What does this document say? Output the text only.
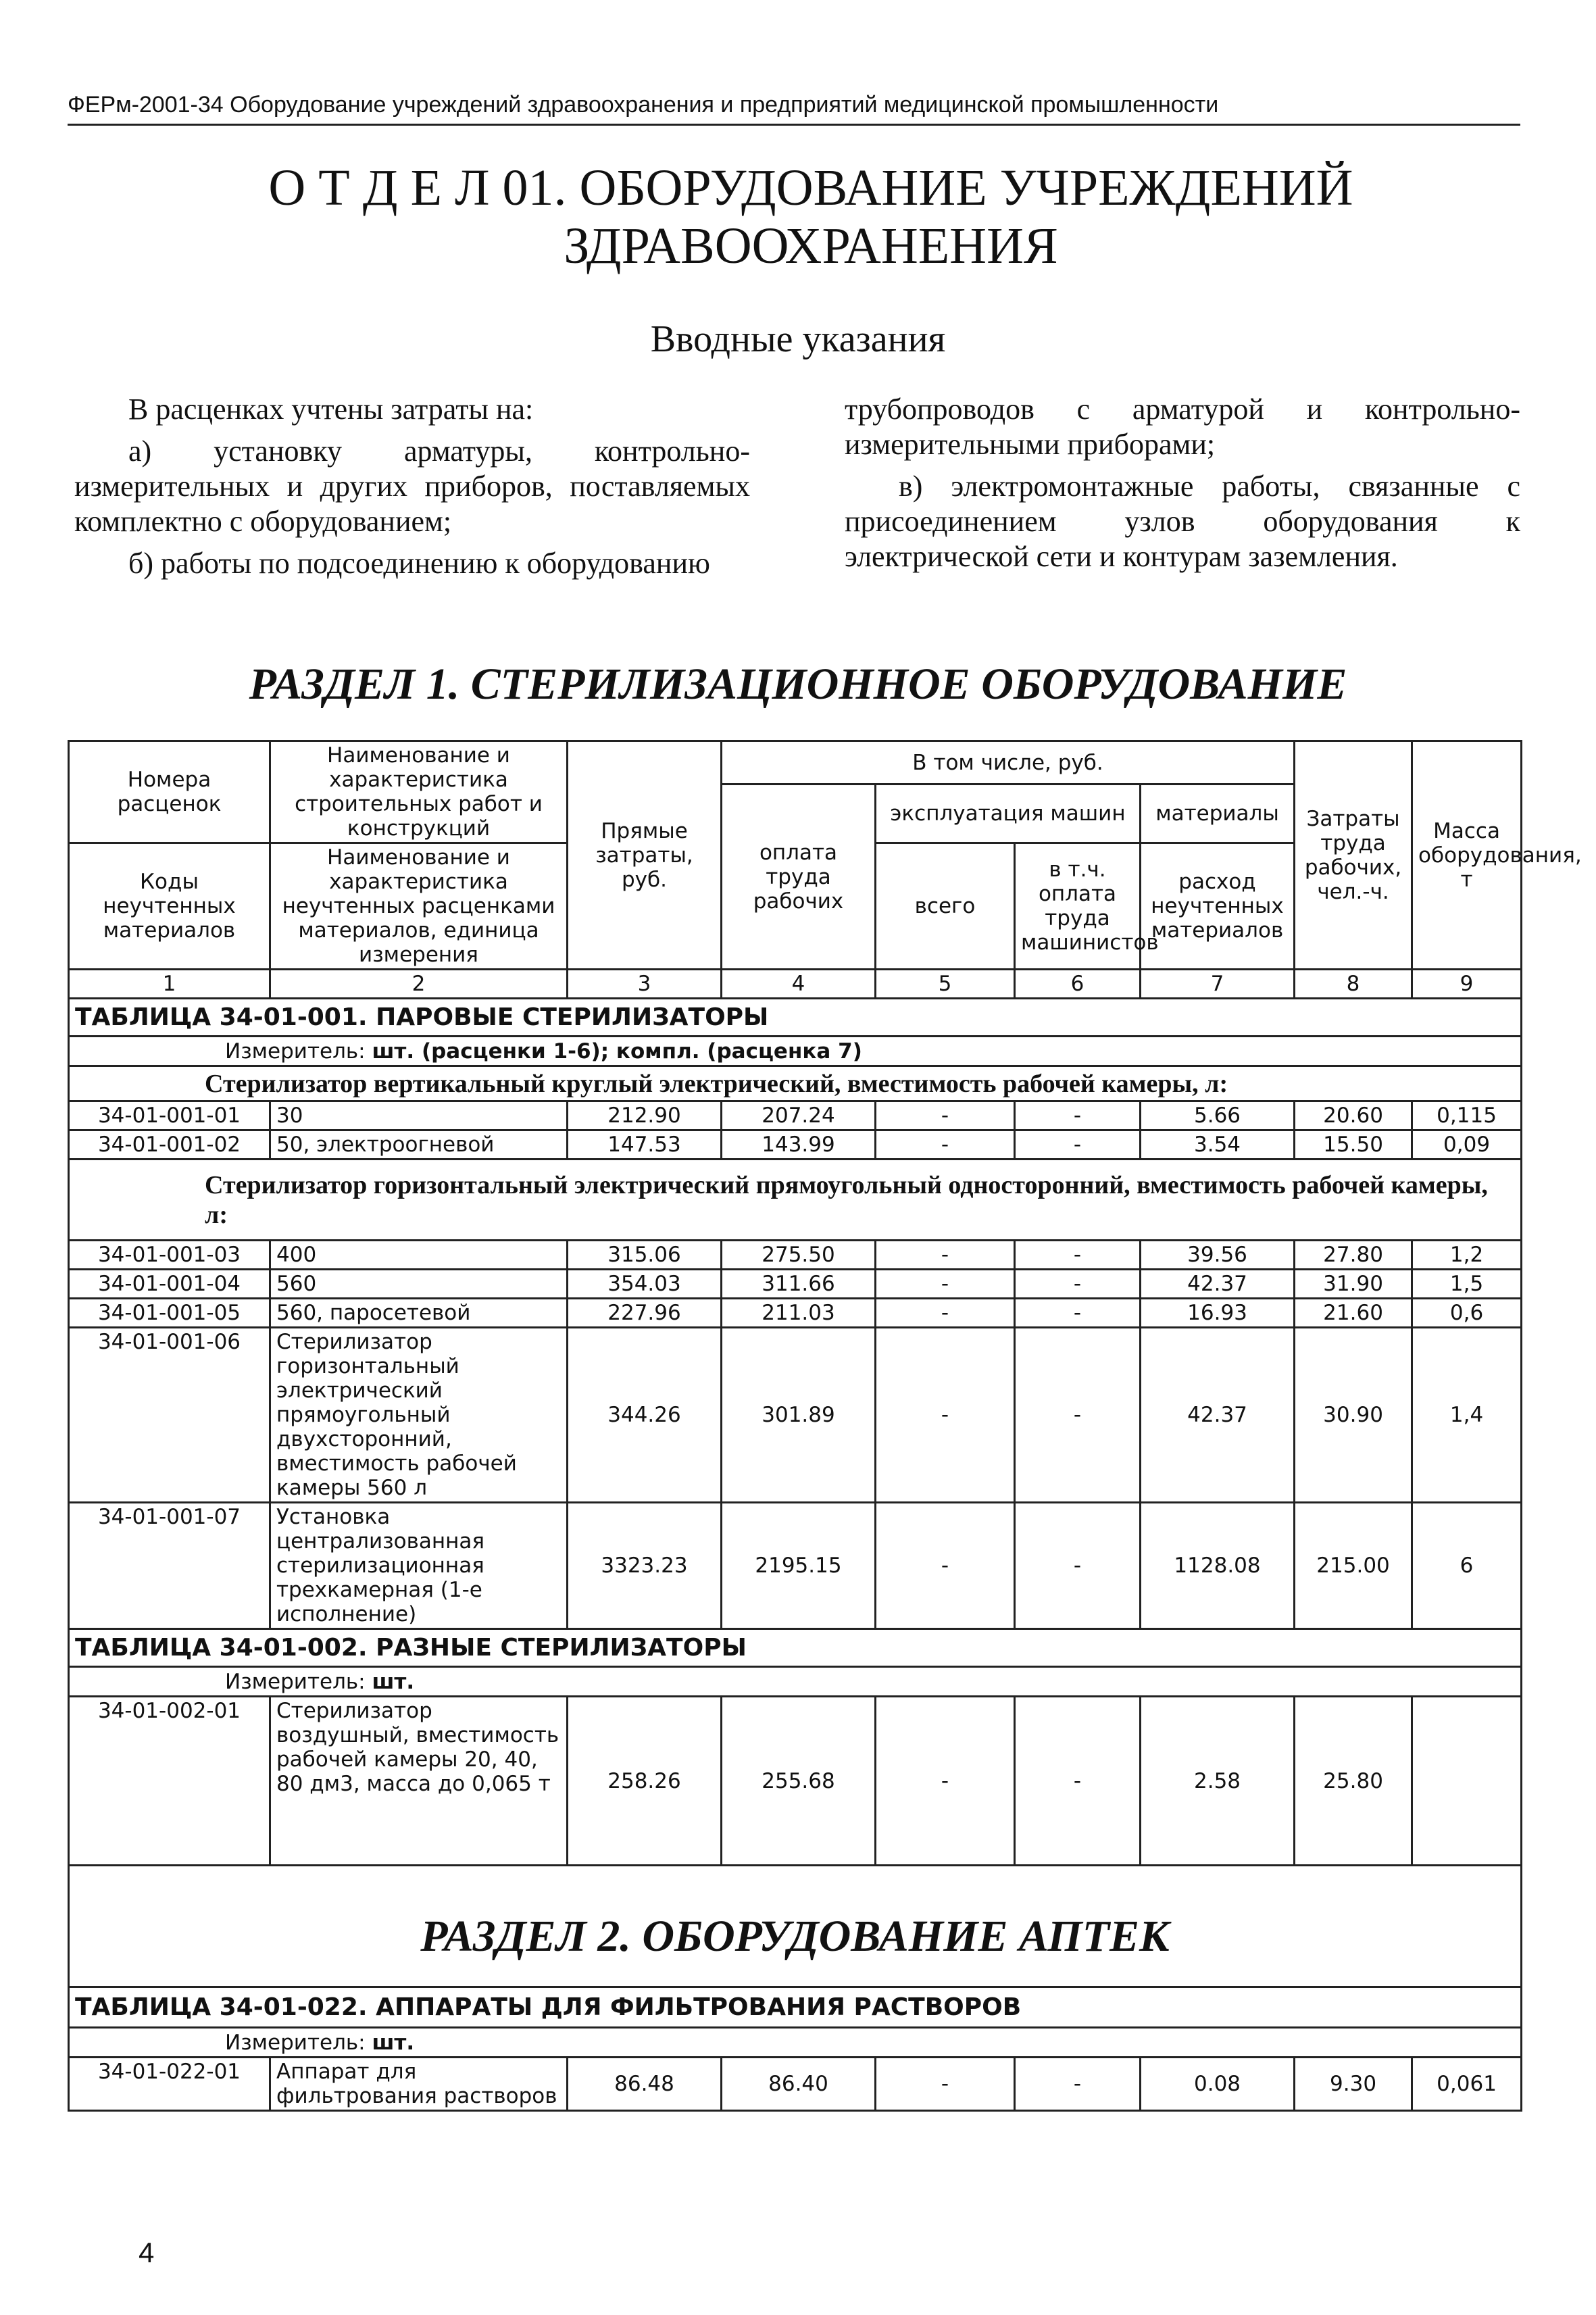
ФЕРм-2001-34 Оборудование учреждений здравоохранения и предприятий медицинской промышленности
О Т Д Е Л 01. ОБОРУДОВАНИЕ УЧРЕЖДЕНИЙ ЗДРАВООХРАНЕНИЯ
Вводные указания

В расценках учтены затраты на:

а) установку арматуры, контрольно-измерительных и других приборов, поставляемых комплектно с оборудованием;

б) работы по подсоединению к оборудованию

трубопроводов с арматурой и контрольно-измерительными приборами;

в) электромонтажные работы, связанные с присоединением узлов оборудования к электрической сети и контурам заземления.

РАЗДЕЛ 1. СТЕРИЛИЗАЦИОННОЕ ОБОРУДОВАНИЕ
Номера расценок	Наименование и характеристика строительных работ и конструкций	Прямые затраты, руб.	В том числе, руб.				Затраты труда рабочих, чел.-ч.	Масса оборудования, т

			оплата труда рабочих	эксплуатация машин		материалы		
Коды неучтенных материалов	Наименование и характеристика неучтенных расценками материалов, единица измерения			всего	в т.ч. оплата труда машинистов	расход неучтенных материалов		

1	2	3	4	5	6	7	8	9
ТАБЛИЦА 34-01-001. ПАРОВЫЕ СТЕРИЛИЗАТОРЫ								
Измеритель: шт. (расценки 1-6); компл. (расценка 7)								
Стерилизатор вертикальный круглый электрический, вместимость рабочей камеры, л:								
34-01-001-01	30	212.90	207.24	-	-	5.66	20.60	0,115
34-01-001-02	50, электроогневой	147.53	143.99	-	-	3.54	15.50	0,09
Стерилизатор горизонтальный электрический прямоугольный односторонний, вместимость рабочей камеры, л:								
34-01-001-03	400	315.06	275.50	-	-	39.56	27.80	1,2
34-01-001-04	560	354.03	311.66	-	-	42.37	31.90	1,5
34-01-001-05	560, паросетевой	227.96	211.03	-	-	16.93	21.60	0,6
34-01-001-06	Стерилизатор горизонтальный электрический прямоугольный двухсторонний, вместимость рабочей камеры 560 л	344.26	301.89	-	-	42.37	30.90	1,4
34-01-001-07	Установка централизованная стерилизационная трехкамерная (1-е исполнение)	3323.23	2195.15	-	-	1128.08	215.00	6
ТАБЛИЦА 34-01-002. РАЗНЫЕ СТЕРИЛИЗАТОРЫ								
Измеритель: шт.								
34-01-002-01	Стерилизатор воздушный, вместимость рабочей камеры 20, 40, 80 дм3, масса до 0,065 т	258.26	255.68	-	-	2.58	25.80	
РАЗДЕЛ 2. ОБОРУДОВАНИЕ АПТЕК								
ТАБЛИЦА 34-01-022. АППАРАТЫ ДЛЯ ФИЛЬТРОВАНИЯ РАСТВОРОВ								
Измеритель: шт.								
34-01-022-01	Аппарат для фильтрования растворов	86.48	86.40	-	-	0.08	9.30	0,061
4
